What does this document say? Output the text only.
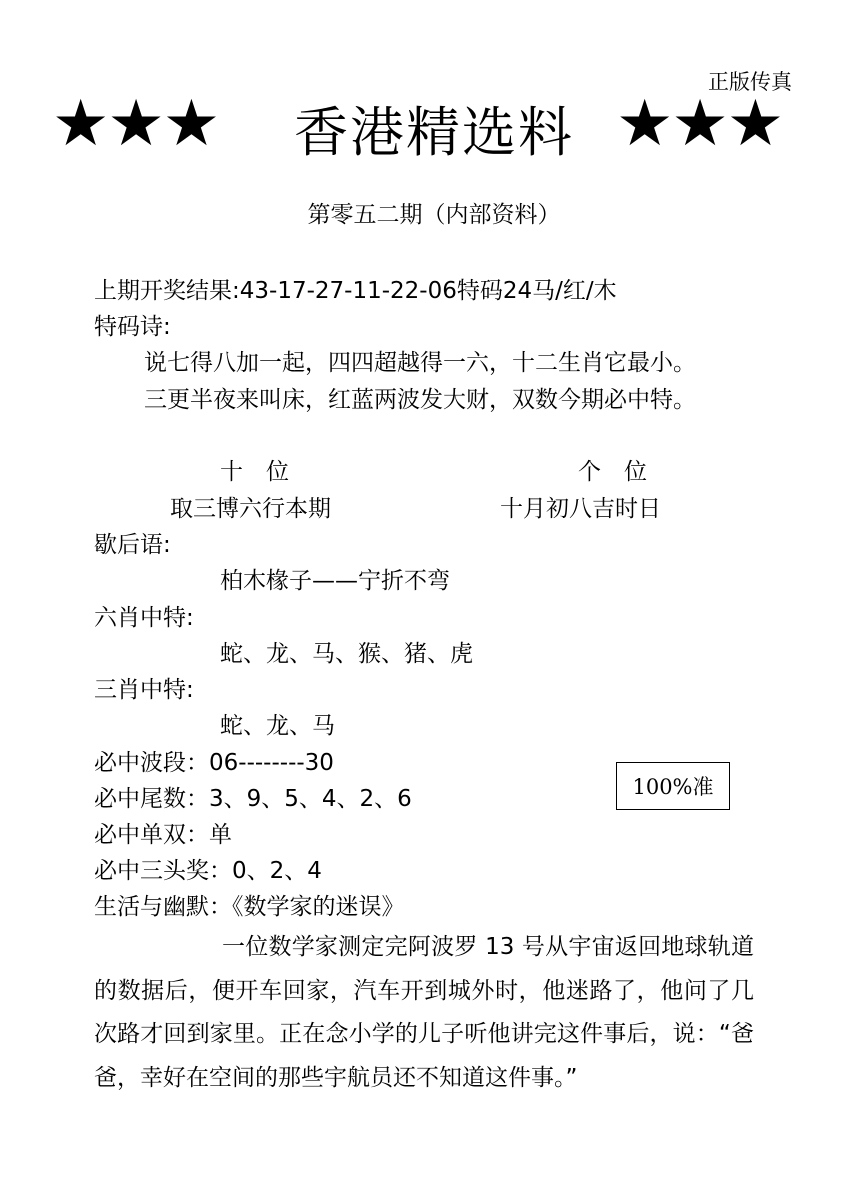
正版传真
★★★	香港精选料 ★★★
第零五二期（内部资料）
上期开奖结果:43-17-27-11-22-06特码24马/红/木
特码诗:
说七得八加一起，四四超越得一六，十二生肖它最小。
三更半夜来叫床，红蓝两波发大财，双数今期必中特。
十　位	个　位
取三博六行本期	十月初八吉时日
歇后语:
柏木椽子——宁折不弯
六肖中特:
蛇、龙、马、猴、猪、虎
三肖中特:
蛇、龙、马
必中波段：06--------30
必中尾数：3、9、5、4、2、6
必中单双：单
必中三头奖：0、2、4
100%准
生活与幽默：《数学家的迷误》
一位数学家测定完阿波罗 13 号从宇宙返回地球轨道的数据后，便开车回家，汽车开到城外时，他迷路了，他问了几次路才回到家里。正在念小学的儿子听他讲完这件事后，说：“爸爸，幸好在空间的那些宇航员还不知道这件事。”
